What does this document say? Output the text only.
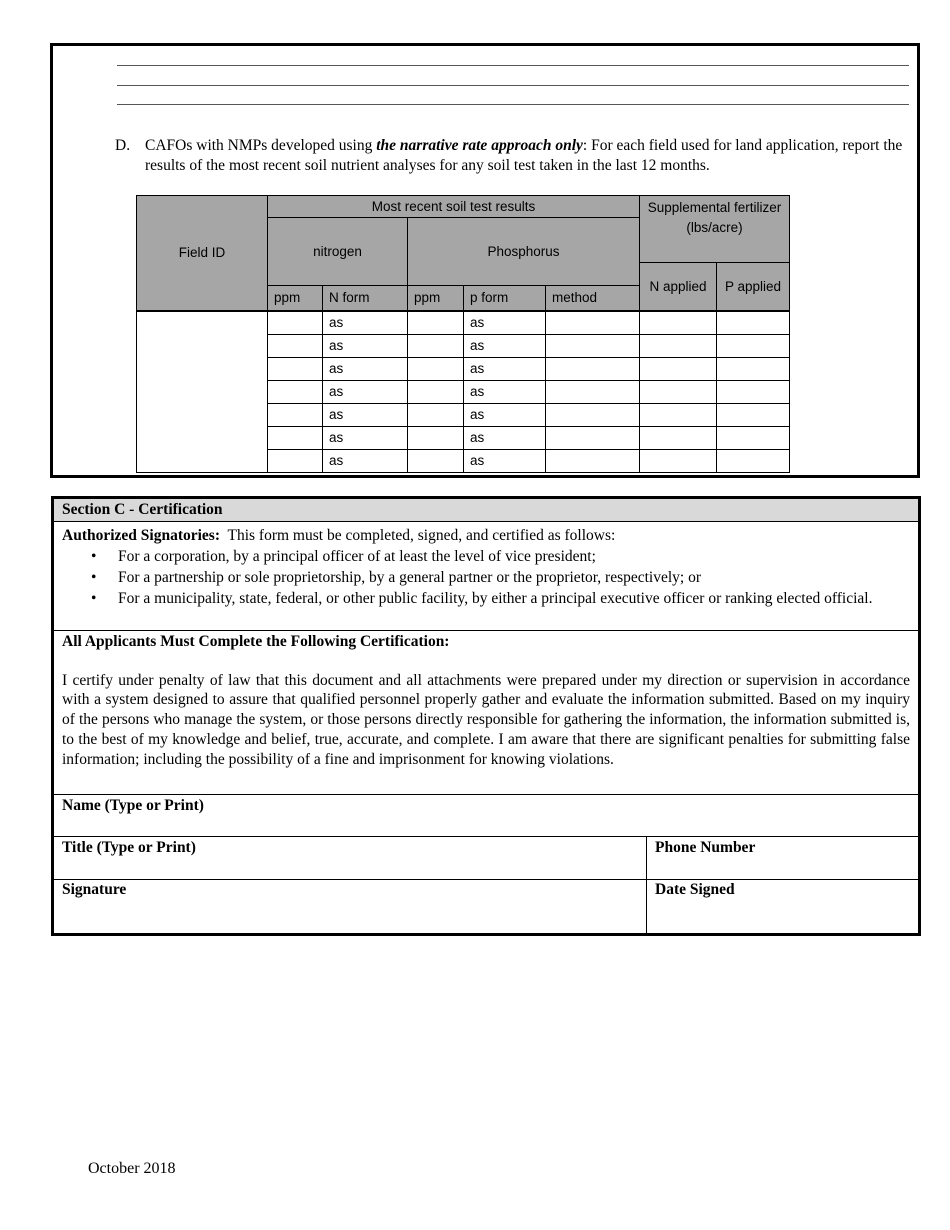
D. CAFOs with NMPs developed using the narrative rate approach only: For each field used for land application, report the results of the most recent soil nutrient analyses for any soil test taken in the last 12 months.
Field ID	Most recent soil test results					Supplemental fertilizer (lbs/acre)	
	nitrogen		Phosphorus				
						N applied	P applied
	ppm	N form	ppm	p form	method		
		as		as			
		as		as			
		as		as			
		as		as			
		as		as			
		as		as			
		as		as			
Section C - Certification
Authorized Signatories:  This form must be completed, signed, and certified as follows:
• For a corporation, by a principal officer of at least the level of vice president;
• For a partnership or sole proprietorship, by a general partner or the proprietor, respectively; or
• For a municipality, state, federal, or other public facility, by either a principal executive officer or ranking elected official.
All Applicants Must Complete the Following Certification:

I certify under penalty of law that this document and all attachments were prepared under my direction or supervision in accordance with a system designed to assure that qualified personnel properly gather and evaluate the information submitted. Based on my inquiry of the persons who manage the system, or those persons directly responsible for gathering the information, the information submitted is, to the best of my knowledge and belief, true, accurate, and complete. I am aware that there are significant penalties for submitting false information; including the possibility of a fine and imprisonment for knowing violations.

Name (Type or Print)
Title (Type or Print)	Phone Number
Signature	Date Signed
October 2018
